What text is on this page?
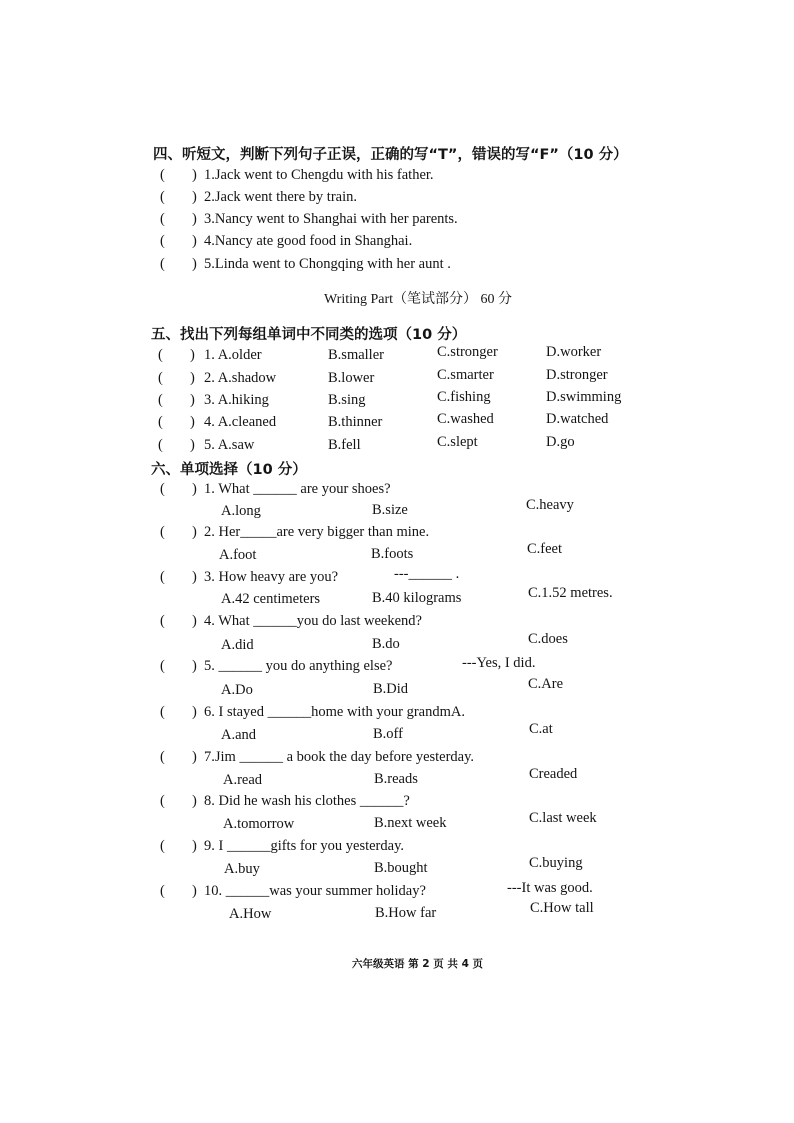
四、听短文，判断下列句子正误，正确的写“T”，错误的写“F”（10 分）
( ) 1.Jack went to Chengdu with his father.
( ) 2.Jack went there by train.
( ) 3.Nancy went to Shanghai with her parents.
( ) 4.Nancy ate good food in Shanghai.
( ) 5.Linda went to Chongqing with her aunt .
Writing Part（笔试部分） 60 分
五、找出下列每组单词中不同类的选项（10 分）
( ) 1. A.older	B.smaller	C.stronger	D.worker
( ) 2. A.shadow	B.lower	C.smarter	D.stronger
( ) 3. A.hiking	B.sing	C.fishing	D.swimming
( ) 4. A.cleaned	B.thinner	C.washed	D.watched
( ) 5. A.saw	B.fell	C.slept	D.go
六、单项选择（10 分）
( ) 1. What ______ are your shoes?
A.long	B.size	C.heavy
( ) 2. Her_____are very bigger than mine.
A.foot	B.foots	C.feet
( ) 3. How heavy are you?	---______ .
A.42 centimeters	B.40 kilograms	C.1.52 metres.
( ) 4. What ______you do last weekend?
A.did	B.do	C.does
( ) 5. ______ you do anything else?	---Yes, I did.
A.Do	B.Did	C.Are
( ) 6. I stayed ______home with your grandmA.
A.and	B.off	C.at
( ) 7.Jim ______ a book the day before yesterday.
A.read	B.reads	Creaded
( ) 8. Did he wash his clothes ______?
A.tomorrow	B.next week	C.last week
( ) 9. I ______gifts for you yesterday.
A.buy	B.bought	C.buying
( ) 10. ______was your summer holiday?	---It was good.
A.How	B.How far	C.How tall
六年级英语 第 2 页 共 4 页
